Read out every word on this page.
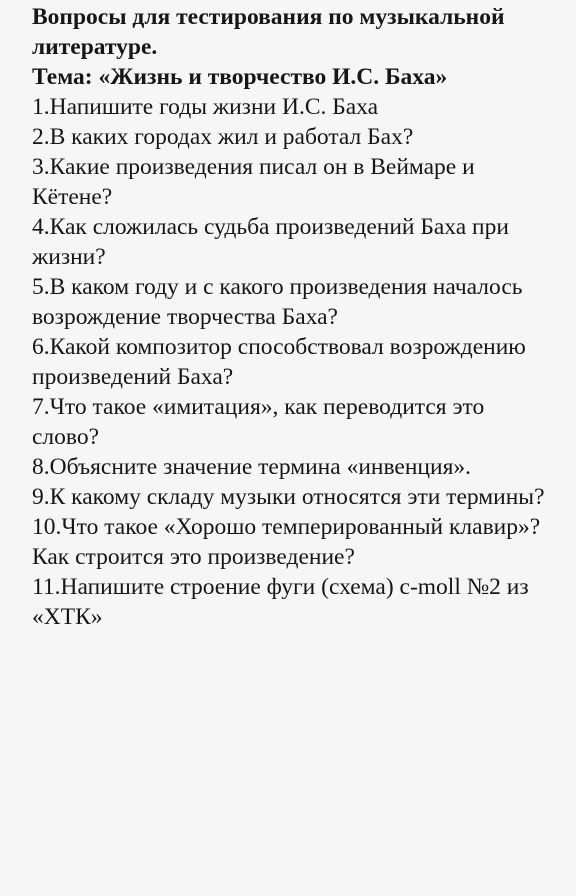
Вопросы для тестирования по музыкальной
литературе.
Тема: «Жизнь и творчество И.С. Баха»
1.Напишите годы жизни И.С. Баха
2.В каких городах жил и работал Бах?
3.Какие произведения писал он в Веймаре и
Кётене?
4.Как сложилась судьба произведений Баха при
жизни?
5.В каком году и с какого произведения началось
возрождение творчества Баха?
6.Какой композитор способствовал возрождению
произведений Баха?
7.Что такое «имитация», как переводится это
слово?
8.Объясните значение термина «инвенция».
9.К какому складу музыки относятся эти термины?
10.Что такое «Хорошо темперированный клавир»?
Как строится это произведение?
11.Напишите строение фуги (схема) c-moll №2 из
«ХТК»
